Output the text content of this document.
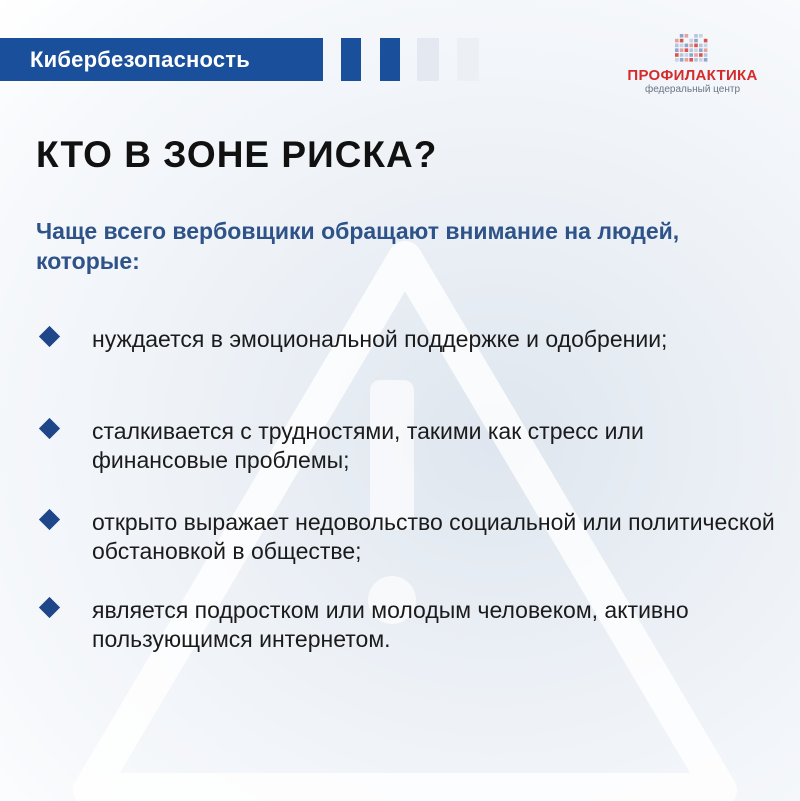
Кибербезопасность
ПРОФИЛАКТИКА
федеральный центр
КТО В ЗОНЕ РИСКА?

Чаще всего вербовщики обращают внимание на людей, которые:

нуждается в эмоциональной поддержке и одобрении;
сталкивается с трудностями, такими как стресс или финансовые проблемы;
открыто выражает недовольство социальной или политической обстановкой в обществе;
является подростком или молодым человеком, активно пользующимся интернетом.
